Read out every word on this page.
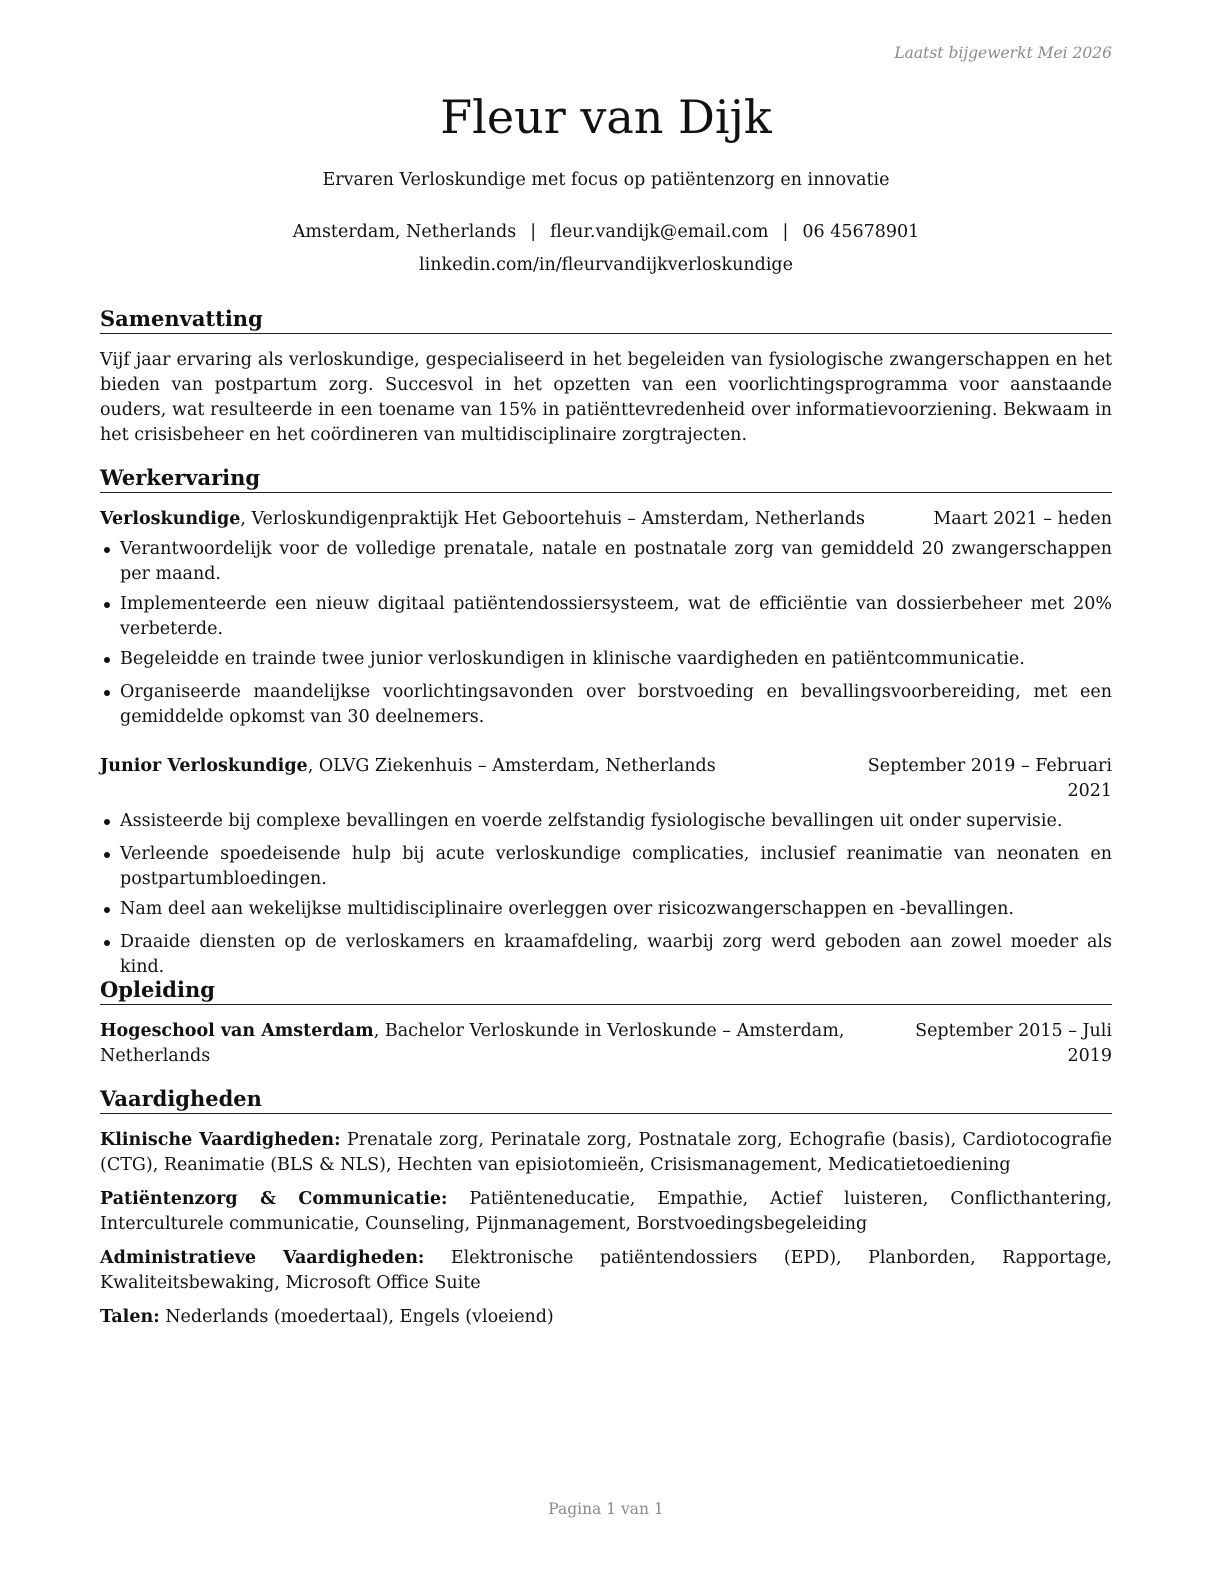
Laatst bijgewerkt Mei 2026
Fleur van Dijk
Ervaren Verloskundige met focus op patiëntenzorg en innovatie
Amsterdam, Netherlands | fleur.vandijk@email.com | 06 45678901
linkedin.com/in/fleurvandijkverloskundige
Samenvatting
Vijf jaar ervaring als verloskundige, gespecialiseerd in het begeleiden van fysiologische zwangerschappen en het bieden van postpartum zorg. Succesvol in het opzetten van een voorlichtingsprogramma voor aanstaande ouders, wat resulteerde in een toename van 15% in patiënttevredenheid over informatievoorziening. Bekwaam in het crisisbeheer en het coördineren van multidisciplinaire zorgtrajecten.
Werkervaring
Verloskundige, Verloskundigenpraktijk Het Geboortehuis – Amsterdam, Netherlands	Maart 2021 – heden
Verantwoordelijk voor de volledige prenatale, natale en postnatale zorg van gemiddeld 20 zwangerschappen per maand.
Implementeerde een nieuw digitaal patiëntendossiersysteem, wat de efficiëntie van dossierbeheer met 20% verbeterde.
Begeleidde en trainde twee junior verloskundigen in klinische vaardigheden en patiëntcommunicatie.
Organiseerde maandelijkse voorlichtingsavonden over borstvoeding en bevallingsvoorbereiding, met een gemiddelde opkomst van 30 deelnemers.
Junior Verloskundige, OLVG Ziekenhuis – Amsterdam, Netherlands	September 2019 – Februari
2021
Assisteerde bij complexe bevallingen en voerde zelfstandig fysiologische bevallingen uit onder supervisie.
Verleende spoedeisende hulp bij acute verloskundige complicaties, inclusief reanimatie van neonaten en postpartumbloedingen.
Nam deel aan wekelijkse multidisciplinaire overleggen over risicozwangerschappen en -bevallingen.
Draaide diensten op de verloskamers en kraamafdeling, waarbij zorg werd geboden aan zowel moeder als kind.
Opleiding
Hogeschool van Amsterdam, Bachelor Verloskunde in Verloskunde – Amsterdam, Netherlands
September 2015 – Juli
2019
Vaardigheden
Klinische Vaardigheden: Prenatale zorg, Perinatale zorg, Postnatale zorg, Echografie (basis), Cardiotocografie (CTG), Reanimatie (BLS & NLS), Hechten van episiotomieën, Crisismanagement, Medicatietoediening
Patiëntenzorg & Communicatie: Patiënteneducatie, Empathie, Actief luisteren, Conflicthantering, Interculturele communicatie, Counseling, Pijnmanagement, Borstvoedingsbegeleiding
Administratieve Vaardigheden: Elektronische patiëntendossiers (EPD), Planborden, Rapportage, Kwaliteitsbewaking, Microsoft Office Suite
Talen: Nederlands (moedertaal), Engels (vloeiend)
Pagina 1 van 1
